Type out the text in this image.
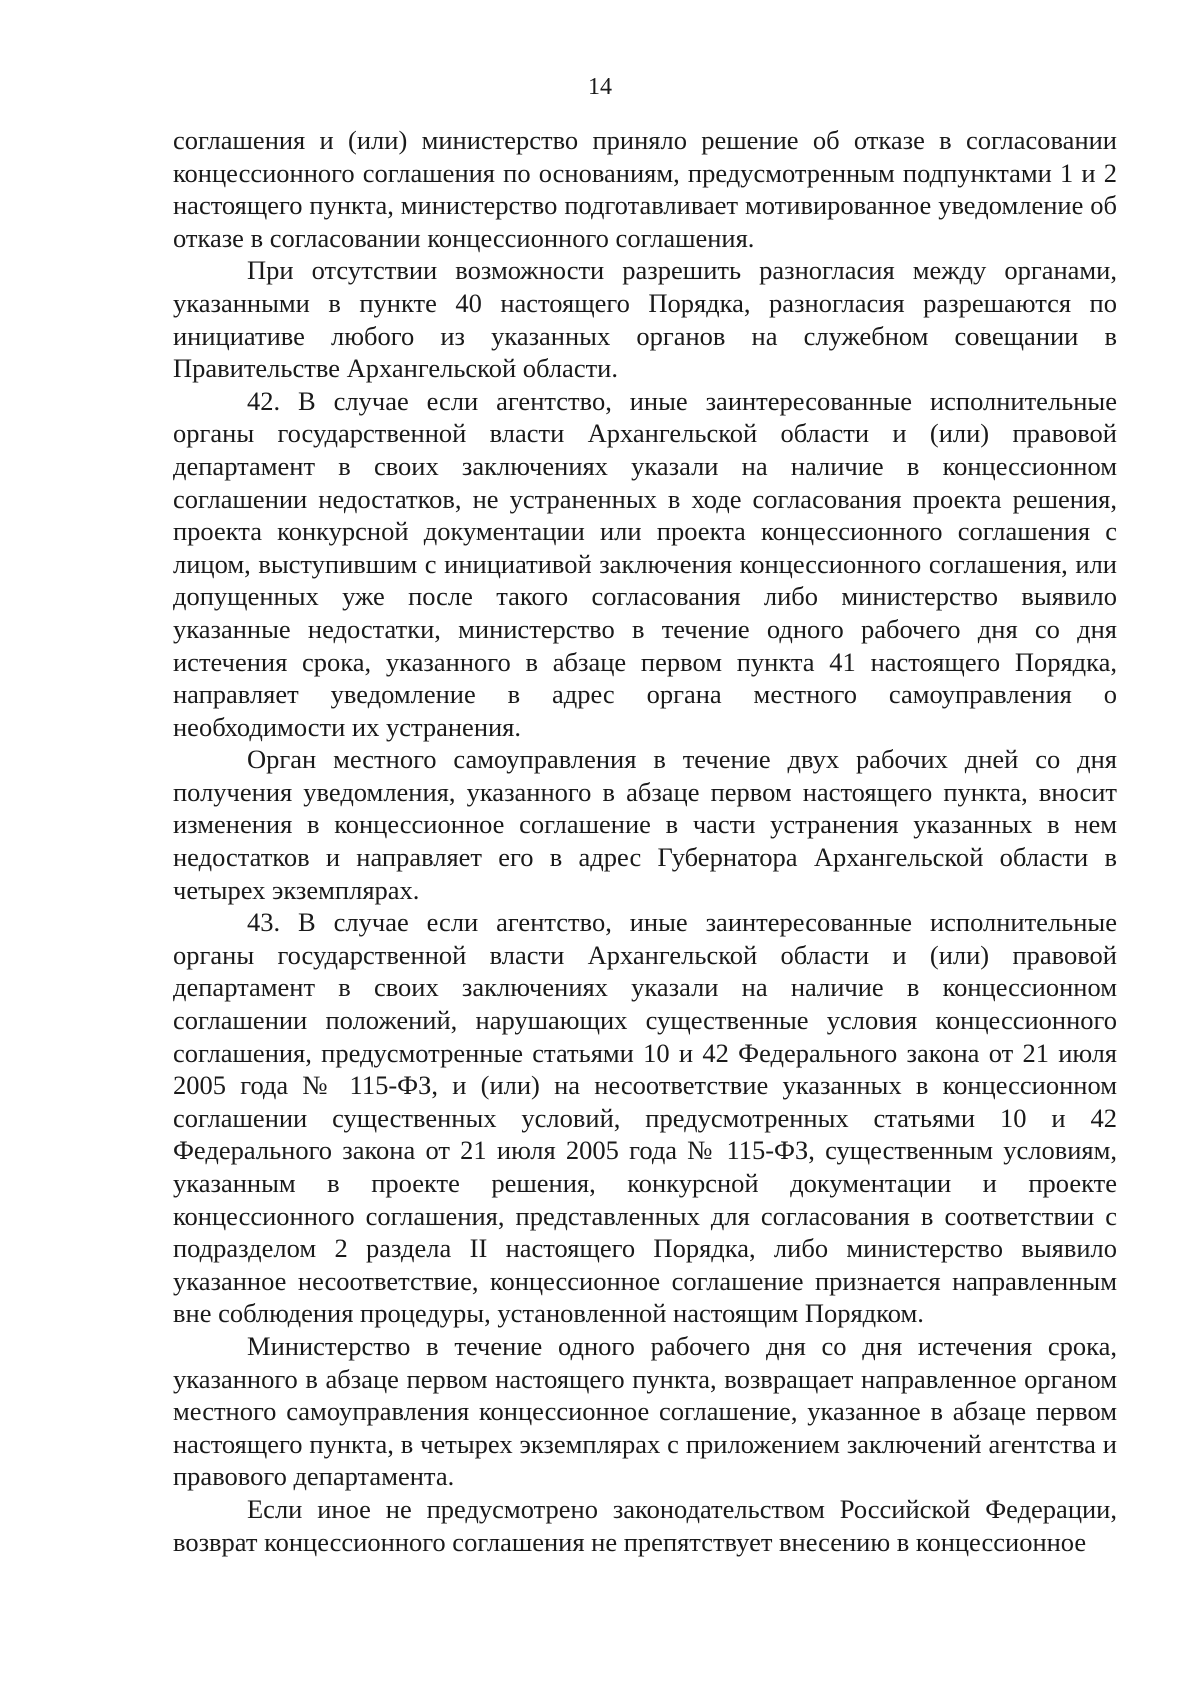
14

соглашения и (или) министерство приняло решение об отказе в согласовании концессионного соглашения по основаниям, предусмотренным подпунктами 1 и 2 настоящего пункта, министерство подготавливает мотивированное уведомление об отказе в согласовании концессионного соглашения.

При отсутствии возможности разрешить разногласия между органами, указанными в пункте 40 настоящего Порядка, разногласия разрешаются по инициативе любого из указанных органов на служебном совещании в Правительстве Архангельской области.

42. В случае если агентство, иные заинтересованные исполнительные органы государственной власти Архангельской области и (или) правовой департамент в своих заключениях указали на наличие в концессионном соглашении недостатков, не устраненных в ходе согласования проекта решения, проекта конкурсной документации или проекта концессионного соглашения с лицом, выступившим с инициативой заключения концессионного соглашения, или допущенных уже после такого согласования либо министерство выявило указанные недостатки, министерство в течение одного рабочего дня со дня истечения срока, указанного в абзаце первом пункта 41 настоящего Порядка, направляет уведомление в адрес органа местного самоуправления о необходимости их устранения.

Орган местного самоуправления в течение двух рабочих дней со дня получения уведомления, указанного в абзаце первом настоящего пункта, вносит изменения в концессионное соглашение в части устранения указанных в нем недостатков и направляет его в адрес Губернатора Архангельской области в четырех экземплярах.

43. В случае если агентство, иные заинтересованные исполнительные органы государственной власти Архангельской области и (или) правовой департамент в своих заключениях указали на наличие в концессионном соглашении положений, нарушающих существенные условия концессионного соглашения, предусмотренные статьями 10 и 42 Федерального закона от 21 июля 2005 года № 115-ФЗ, и (или) на несоответствие указанных в концессионном соглашении существенных условий, предусмотренных статьями 10 и 42 Федерального закона от 21 июля 2005 года № 115-ФЗ, существенным условиям, указанным в проекте решения, конкурсной документации и проекте концессионного соглашения, представленных для согласования в соответствии с подразделом 2 раздела II настоящего Порядка, либо министерство выявило указанное несоответствие, концессионное соглашение признается направленным вне соблюдения процедуры, установленной настоящим Порядком.

Министерство в течение одного рабочего дня со дня истечения срока, указанного в абзаце первом настоящего пункта, возвращает направленное органом местного самоуправления концессионное соглашение, указанное в абзаце первом настоящего пункта, в четырех экземплярах с приложением заключений агентства и правового департамента.

Если иное не предусмотрено законодательством Российской Федерации, возврат концессионного соглашения не препятствует внесению в концессионное
